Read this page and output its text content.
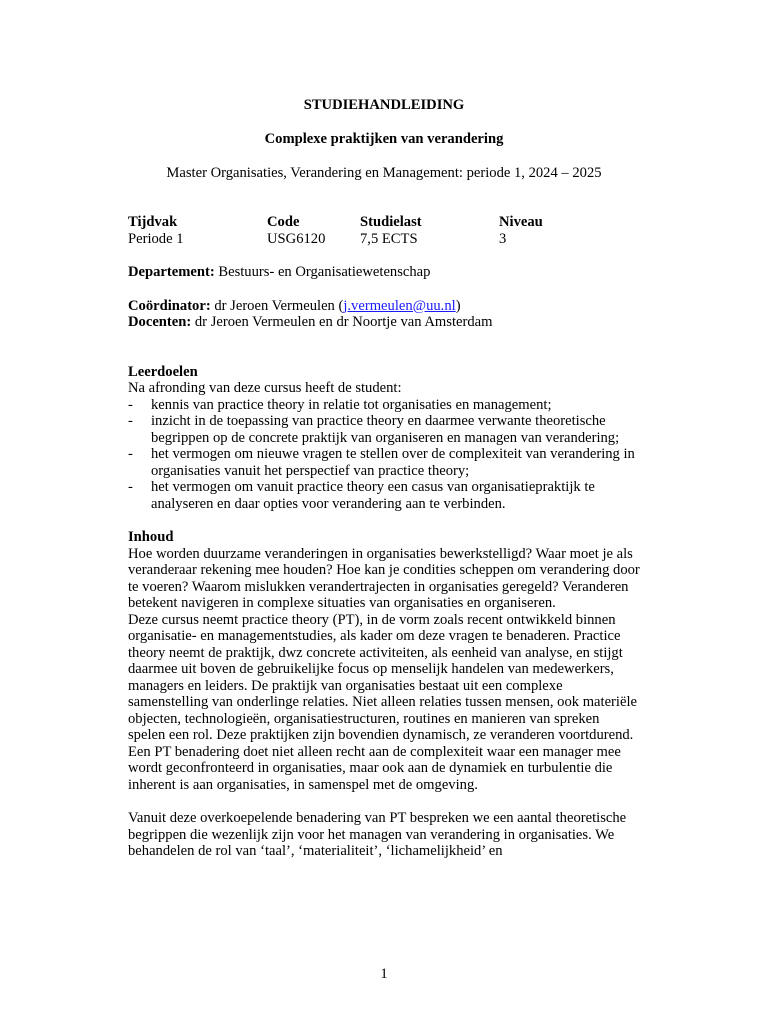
STUDIEHANDLEIDING
Complexe praktijken van verandering
Master Organisaties, Verandering en Management: periode 1, 2024 – 2025
Tijdvak	Code	Studielast	Niveau
Periode 1	USG6120	7,5 ECTS	3
Departement: Bestuurs- en Organisatiewetenschap
Coördinator: dr Jeroen Vermeulen (j.vermeulen@uu.nl)
Docenten: dr Jeroen Vermeulen en dr Noortje van Amsterdam
Leerdoelen
Na afronding van deze cursus heeft de student:
- kennis van practice theory in relatie tot organisaties en management;
- inzicht in de toepassing van practice theory en daarmee verwante theoretische begrippen op de concrete praktijk van organiseren en managen van verandering;
- het vermogen om nieuwe vragen te stellen over de complexiteit van verandering in organisaties vanuit het perspectief van practice theory;
- het vermogen om vanuit practice theory een casus van organisatiepraktijk te analyseren en daar opties voor verandering aan te verbinden.
Inhoud

Hoe worden duurzame veranderingen in organisaties bewerkstelligd? Waar moet je als veranderaar rekening mee houden? Hoe kan je condities scheppen om verandering door te voeren? Waarom mislukken verandertrajecten in organisaties geregeld? Veranderen betekent navigeren in complexe situaties van organisaties en organiseren.

Deze cursus neemt practice theory (PT), in de vorm zoals recent ontwikkeld binnen organisatie- en managementstudies, als kader om deze vragen te benaderen. Practice theory neemt de praktijk, dwz concrete activiteiten, als eenheid van analyse, en stijgt daarmee uit boven de gebruikelijke focus op menselijk handelen van medewerkers, managers en leiders. De praktijk van organisaties bestaat uit een complexe samenstelling van onderlinge relaties. Niet alleen relaties tussen mensen, ook materiële objecten, technologieën, organisatiestructuren, routines en manieren van spreken spelen een rol. Deze praktijken zijn bovendien dynamisch, ze veranderen voortdurend. Een PT benadering doet niet alleen recht aan de complexiteit waar een manager mee wordt geconfronteerd in organisaties, maar ook aan de dynamiek en turbulentie die inherent is aan organisaties, in samenspel met de omgeving.

Vanuit deze overkoepelende benadering van PT bespreken we een aantal theoretische begrippen die wezenlijk zijn voor het managen van verandering in organisaties. We behandelen de rol van ‘taal’, ‘materialiteit’, ‘lichamelijkheid’ en

1
